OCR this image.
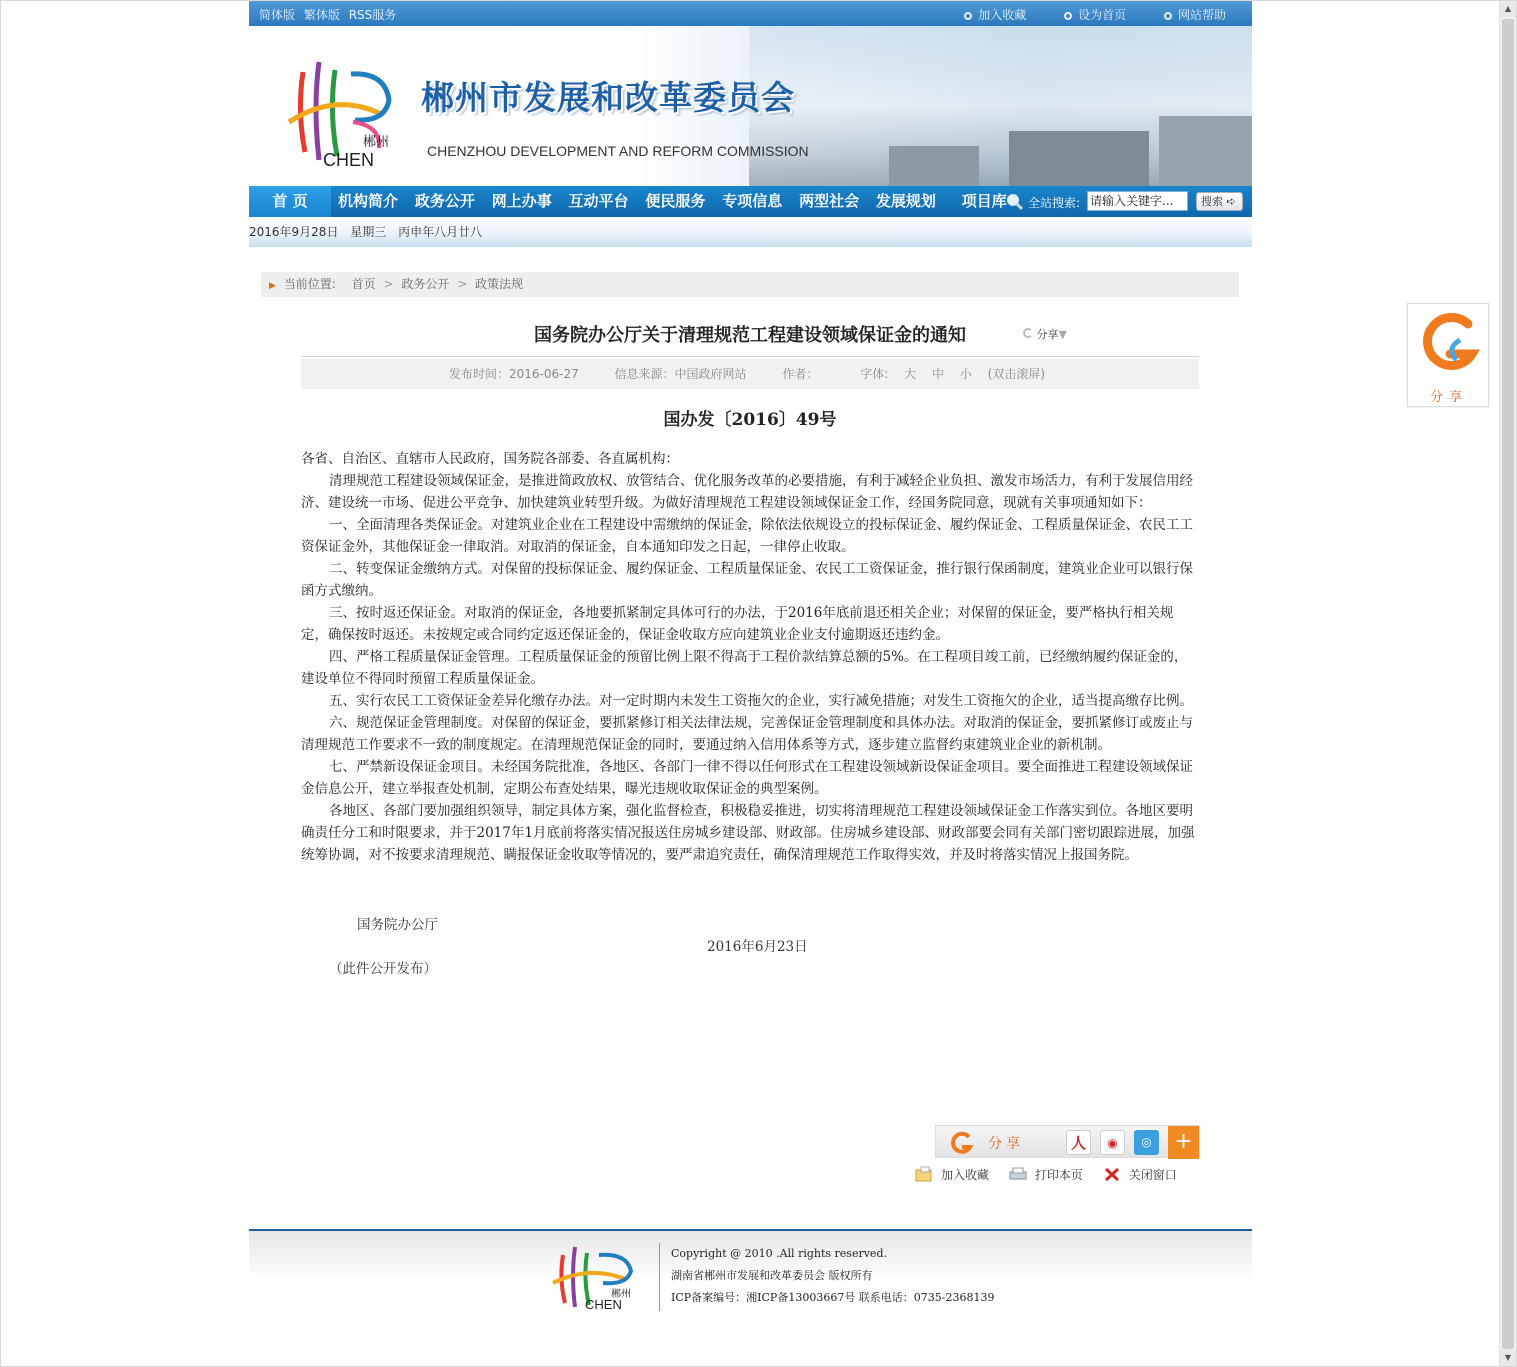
▲
▼
简体版 繁体版 RSS服务	加入收藏	设为首页	网站帮助
郴州
CHEN
郴州市发展和改革委员会
CHENZHOU DEVELOPMENT AND REFORM COMMISSION
首 页	机构简介 政务公开 网上办事 互动平台 便民服务 专项信息 两型社会 发展规划 项目库	全站搜索: 请输入关键字...	搜索 ➪
2016年9月28日 星期三 丙申年八月廿八
▶ 当前位置: 首页 > 政务公开 > 政策法规
国务院办公厅关于清理规范工程建设领域保证金的通知	分享▼
发布时间：2016-06-27	信息来源：中国政府网站	作者：	字体: 大 中 小 (双击滚屏)
国办发〔2016〕49号

各省、自治区、直辖市人民政府，国务院各部委、各直属机构：

清理规范工程建设领域保证金，是推进简政放权、放管结合、优化服务改革的必要措施，有利于减轻企业负担、激发市场活力，有利于发展信用经济、建设统一市场、促进公平竞争、加快建筑业转型升级。为做好清理规范工程建设领域保证金工作，经国务院同意，现就有关事项通知如下：

一、全面清理各类保证金。对建筑业企业在工程建设中需缴纳的保证金，除依法依规设立的投标保证金、履约保证金、工程质量保证金、农民工工资保证金外，其他保证金一律取消。对取消的保证金，自本通知印发之日起，一律停止收取。

二、转变保证金缴纳方式。对保留的投标保证金、履约保证金、工程质量保证金、农民工工资保证金，推行银行保函制度，建筑业企业可以银行保函方式缴纳。

三、按时返还保证金。对取消的保证金，各地要抓紧制定具体可行的办法，于2016年底前退还相关企业；对保留的保证金，要严格执行相关规定，确保按时返还。未按规定或合同约定返还保证金的，保证金收取方应向建筑业企业支付逾期返还违约金。

四、严格工程质量保证金管理。工程质量保证金的预留比例上限不得高于工程价款结算总额的5%。在工程项目竣工前，已经缴纳履约保证金的，建设单位不得同时预留工程质量保证金。

五、实行农民工工资保证金差异化缴存办法。对一定时期内未发生工资拖欠的企业，实行减免措施；对发生工资拖欠的企业，适当提高缴存比例。

六、规范保证金管理制度。对保留的保证金，要抓紧修订相关法律法规，完善保证金管理制度和具体办法。对取消的保证金，要抓紧修订或废止与清理规范工作要求不一致的制度规定。在清理规范保证金的同时，要通过纳入信用体系等方式，逐步建立监督约束建筑业企业的新机制。

七、严禁新设保证金项目。未经国务院批准，各地区、各部门一律不得以任何形式在工程建设领域新设保证金项目。要全面推进工程建设领域保证金信息公开，建立举报查处机制，定期公布查处结果，曝光违规收取保证金的典型案例。

各地区、各部门要加强组织领导，制定具体方案，强化监督检查，积极稳妥推进，切实将清理规范工程建设领域保证金工作落实到位。各地区要明确责任分工和时限要求，并于2017年1月底前将落实情况报送住房城乡建设部、财政部。住房城乡建设部、财政部要会同有关部门密切跟踪进展，加强统筹协调，对不按要求清理规范、瞒报保证金收取等情况的，要严肃追究责任，确保清理规范工作取得实效，并及时将落实情况上报国务院。

国务院办公厅
2016年6月23日
（此件公开发布）
分享	人	◉	◎	+
加入收藏	打印本页	关闭窗口
郴州
CHEN
Copyright @ 2010 .All rights reserved.
湖南省郴州市发展和改革委员会 版权所有
ICP备案编号：湘ICP备13003667号 联系电话：0735-2368139
分享
